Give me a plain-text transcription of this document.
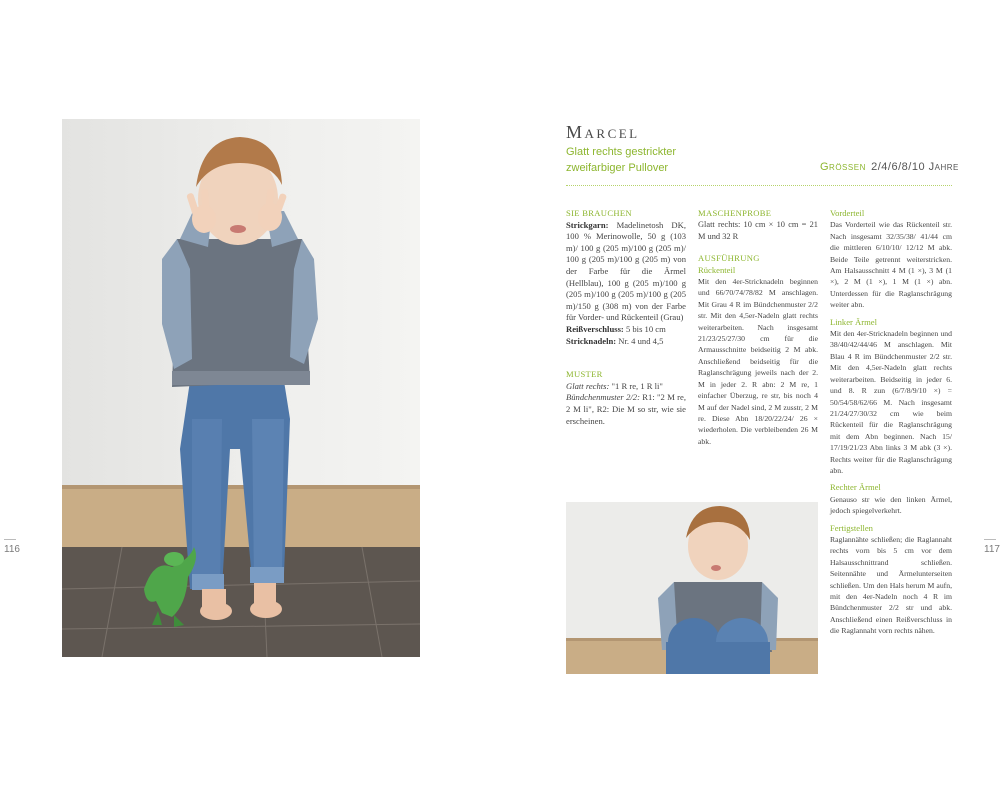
116	117
Marcel
Glatt rechts gestrickter
zweifarbiger Pullover	Grössen 2/4/6/8/10 Jahre
SIE BRAUCHEN
Strickgarn: Madelinetosh DK, 100 % Merinowolle, 50 g (103 m)/ 100 g (205 m)/100 g (205 m)/ 100 g (205 m)/100 g (205 m) von der Farbe für die Ärmel (Hellblau), 100 g (205 m)/100 g (205 m)/100 g (205 m)/100 g (205 m)/150 g (308 m) von der Farbe für Vorder- und Rückenteil (Grau)
Reißverschluss: 5 bis 10 cm
Stricknadeln: Nr. 4 und 4,5
MUSTER
Glatt rechts: "1 R re, 1 R li"
Bündchenmuster 2/2: R1: "2 M re, 2 M li", R2: Die M so str, wie sie erscheinen.
MASCHENPROBE
Glatt rechts: 10 cm × 10 cm = 21 M und 32 R
AUSFÜHRUNG
Rückenteil
Mit den 4er-Stricknadeln beginnen und 66/70/74/78/82 M anschlagen. Mit Grau 4 R im Bündchenmuster 2/2 str. Mit den 4,5er-Nadeln glatt rechts weiterarbeiten. Nach insgesamt 21/23/25/27/30 cm für die Armausschnitte beidseitig 2 M abk. Anschließend beidseitig für die Raglanschrägung jeweils nach der 2. M in jeder 2. R abn: 2 M re, 1 einfacher Überzug, re str, bis noch 4 M auf der Nadel sind, 2 M zusstr, 2 M re. Diese Abn 18/20/22/24/ 26 × wiederholen. Die verbleibenden 26 M abk.
Vorderteil
Das Vorderteil wie das Rückenteil str. Nach insgesamt 32/35/38/ 41/44 cm die mittleren 6/10/10/ 12/12 M abk. Beide Teile getrennt weiterstricken. Am Halsausschnitt 4 M (1 ×), 3 M (1 ×), 2 M (1 ×), 1 M (1 ×) abn. Unterdessen für die Raglanschrägung weiter abn.
Linker Ärmel
Mit den 4er-Stricknadeln beginnen und 38/40/42/44/46 M anschlagen. Mit Blau 4 R im Bündchenmuster 2/2 str. Mit den 4,5er-Nadeln glatt rechts weiterarbeiten. Beidseitig in jeder 6. und 8. R zun (6/7/8/9/10 ×) = 50/54/58/62/66 M. Nach insgesamt 21/24/27/30/32 cm wie beim Rückenteil für die Raglanschrägung mit dem Abn beginnen. Nach 15/ 17/19/21/23 Abn links 3 M abk (3 ×). Rechts weiter für die Raglanschrägung abn.
Rechter Ärmel
Genauso str wie den linken Ärmel, jedoch spiegelverkehrt.
Fertigstellen
Raglannähte schließen; die Raglannaht rechts vorn bis 5 cm vor dem Halsausschnittrand schließen. Seitennähte und Ärmelunterseiten schließen. Um den Hals herum M aufn, mit den 4er-Nadeln noch 4 R im Bündchenmuster 2/2 str und abk. Anschließend einen Reißverschluss in die Raglannaht vorn rechts nähen.
